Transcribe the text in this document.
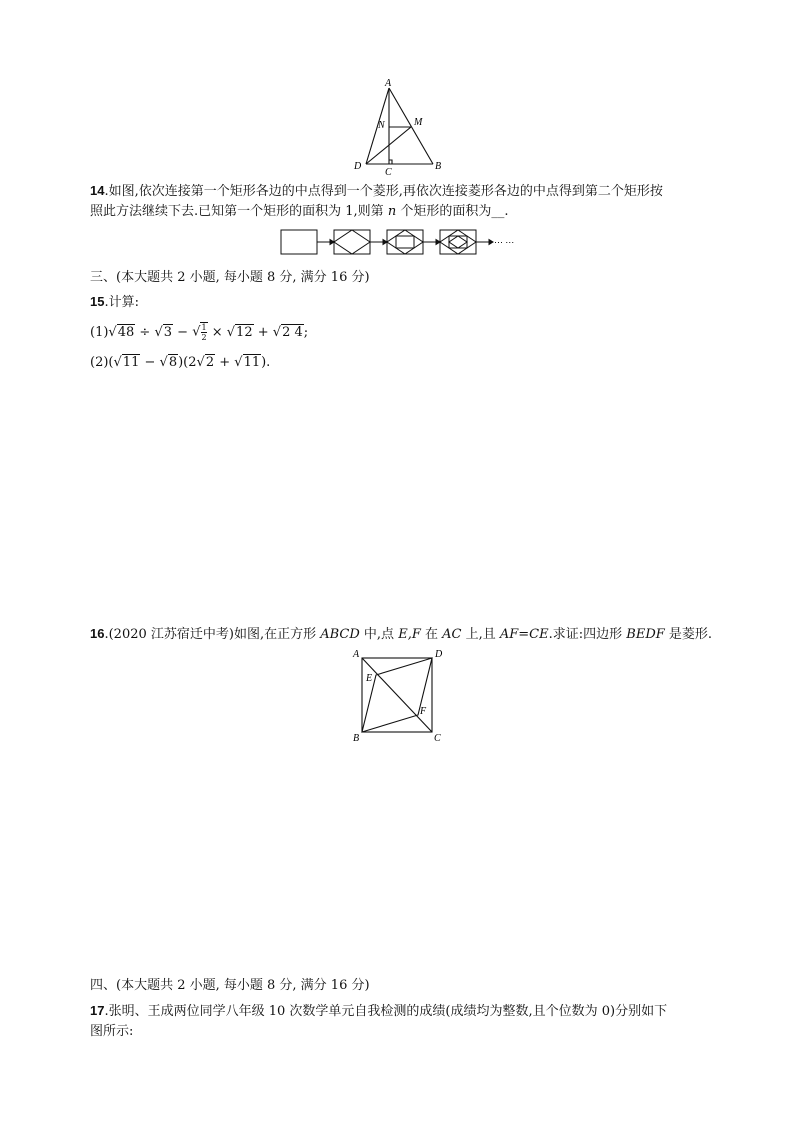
A
N	M
D
C
B
14.如图,依次连接第一个矩形各边的中点得到一个菱形,再依次连接菱形各边的中点得到第二个矩形按
照此方法继续下去.已知第一个矩形的面积为 1,则第 n 个矩形的面积为__.
⋯ ⋯
三、(本大题共 2 小题, 每小题 8 分, 满分 16 分)
15.计算:
(1)√48 ÷ √3 − √ $\frac{1}{2} \times √12 + √2$ 4;
(2)(√11 − √8)(2√2 + √11).
16.(2020 江苏宿迁中考)如图,在正方形 ABCD 中,点 E,F 在 AC 上,且 AF=CE.求证:四边形 BEDF 是菱形.
A	D
E
F
B	C
四、(本大题共 2 小题, 每小题 8 分, 满分 16 分)
17.张明、王成两位同学八年级 10 次数学单元自我检测的成绩(成绩均为整数,且个位数为 0)分别如下
图所示:
